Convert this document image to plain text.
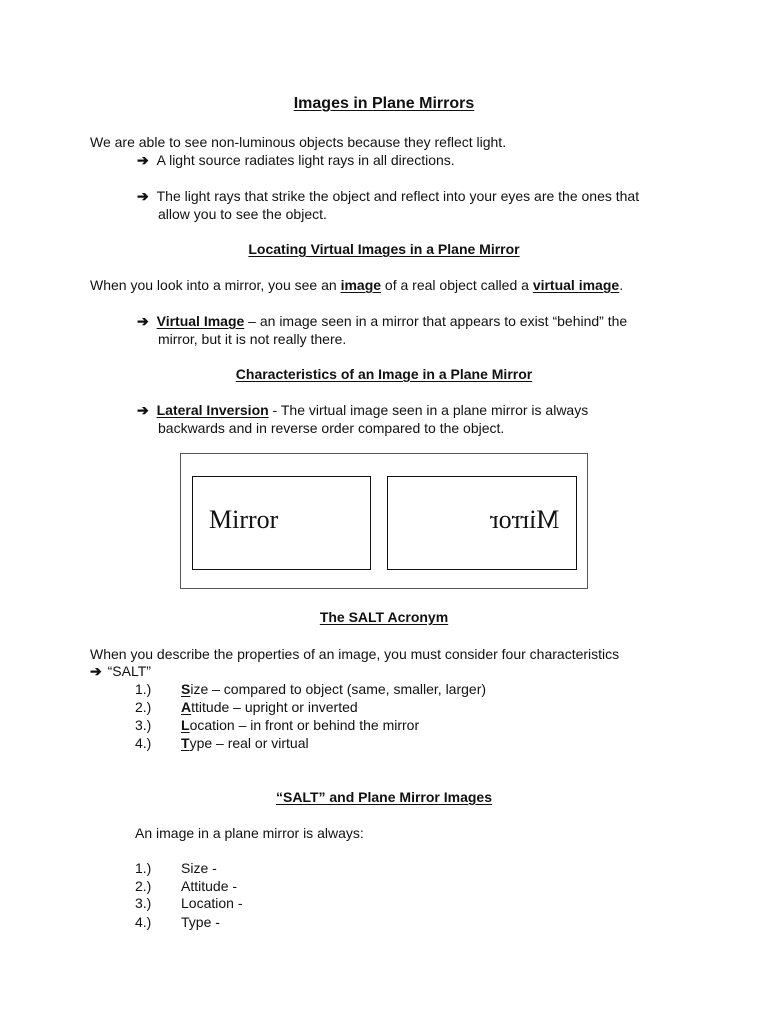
Images in Plane Mirrors
We are able to see non-luminous objects because they reflect light.
➔ A light source radiates light rays in all directions.
➔ The light rays that strike the object and reflect into your eyes are the ones that
allow you to see the object.
Locating Virtual Images in a Plane Mirror
When you look into a mirror, you see an image of a real object called a virtual image.
➔ Virtual Image – an image seen in a mirror that appears to exist “behind” the
mirror, but it is not really there.
Characteristics of an Image in a Plane Mirror
➔ Lateral Inversion - The virtual image seen in a plane mirror is always
backwards and in reverse order compared to the object.
Mirror	Mirror
The SALT Acronym
When you describe the properties of an image, you must consider four characteristics
➔ “SALT”
1.) Size – compared to object (same, smaller, larger)
2.) Attitude – upright or inverted
3.) Location – in front or behind the mirror
4.) Type – real or virtual
“SALT” and Plane Mirror Images
An image in a plane mirror is always:
1.) Size -
2.) Attitude -
3.) Location -
4.) Type -
